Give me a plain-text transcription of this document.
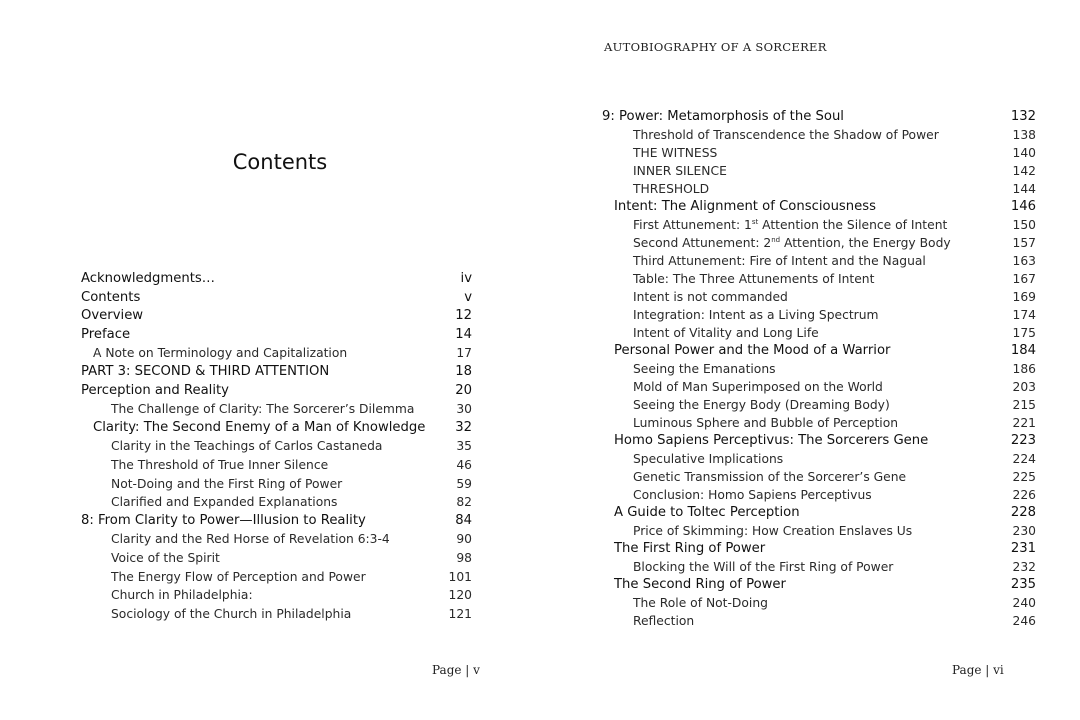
Contents
Acknowledgments…	iv
Contents	v
Overview	12
Preface	14
A Note on Terminology and Capitalization	17
PART 3: SECOND & THIRD ATTENTION	18
Perception and Reality	20
The Challenge of Clarity: The Sorcerer’s Dilemma	30
Clarity: The Second Enemy of a Man of Knowledge	32
Clarity in the Teachings of Carlos Castaneda	35
The Threshold of True Inner Silence	46
Not-Doing and the First Ring of Power	59
Clarified and Expanded Explanations	82
8: From Clarity to Power—Illusion to Reality	84
Clarity and the Red Horse of Revelation 6:3-4	90
Voice of the Spirit	98
The Energy Flow of Perception and Power	101
Church in Philadelphia:	120
Sociology of the Church in Philadelphia	121
Page | v
AUTOBIOGRAPHY OF A SORCERER
9: Power: Metamorphosis of the Soul	132
Threshold of Transcendence the Shadow of Power	138
THE WITNESS	140
INNER SILENCE	142
THRESHOLD	144
Intent: The Alignment of Consciousness	146
First Attunement: 1st Attention the Silence of Intent	150
Second Attunement: 2nd Attention, the Energy Body	157
Third Attunement: Fire of Intent and the Nagual	163
Table: The Three Attunements of Intent	167
Intent is not commanded	169
Integration: Intent as a Living Spectrum	174
Intent of Vitality and Long Life	175
Personal Power and the Mood of a Warrior	184
Seeing the Emanations	186
Mold of Man Superimposed on the World	203
Seeing the Energy Body (Dreaming Body)	215
Luminous Sphere and Bubble of Perception	221
Homo Sapiens Perceptivus: The Sorcerers Gene	223
Speculative Implications	224
Genetic Transmission of the Sorcerer’s Gene	225
Conclusion: Homo Sapiens Perceptivus	226
A Guide to Toltec Perception	228
Price of Skimming: How Creation Enslaves Us	230
The First Ring of Power	231
Blocking the Will of the First Ring of Power	232
The Second Ring of Power	235
The Role of Not-Doing	240
Reflection	246
Page | vi
